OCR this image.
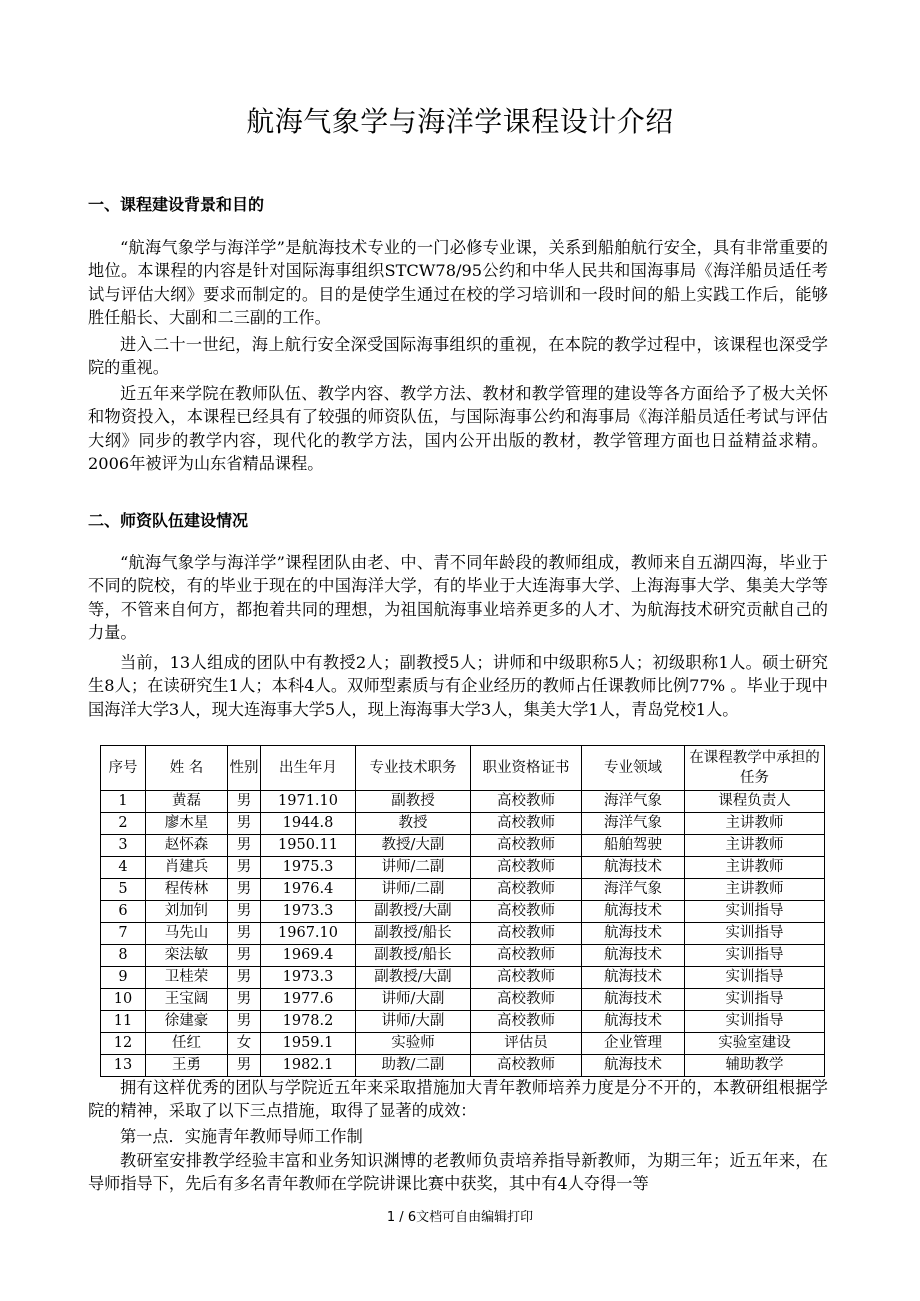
航海气象学与海洋学课程设计介绍
一、课程建设背景和目的

“航海气象学与海洋学”是航海技术专业的一门必修专业课，关系到船舶航行安全，具有非常重要的地位。本课程的内容是针对国际海事组织STCW78/95公约和中华人民共和国海事局《海洋船员适任考试与评估大纲》要求而制定的。目的是使学生通过在校的学习培训和一段时间的船上实践工作后，能够胜任船长、大副和二三副的工作。

进入二十一世纪，海上航行安全深受国际海事组织的重视，在本院的教学过程中，该课程也深受学院的重视。

近五年来学院在教师队伍、教学内容、教学方法、教材和教学管理的建设等各方面给予了极大关怀和物资投入，本课程已经具有了较强的师资队伍，与国际海事公约和海事局《海洋船员适任考试与评估大纲》同步的教学内容，现代化的教学方法，国内公开出版的教材，教学管理方面也日益精益求精。2006年被评为山东省精品课程。

二、师资队伍建设情况

“航海气象学与海洋学”课程团队由老、中、青不同年龄段的教师组成，教师来自五湖四海，毕业于不同的院校，有的毕业于现在的中国海洋大学，有的毕业于大连海事大学、上海海事大学、集美大学等等，不管来自何方，都抱着共同的理想，为祖国航海事业培养更多的人才、为航海技术研究贡献自己的力量。

当前，13人组成的团队中有教授2人；副教授5人；讲师和中级职称5人；初级职称1人。硕士研究生8人；在读研究生1人；本科4人。双师型素质与有企业经历的教师占任课教师比例77% 。毕业于现中国海洋大学3人，现大连海事大学5人，现上海海事大学3人，集美大学1人，青岛党校1人。

序号	姓 名	性别	出生年月	专业技术职务	职业资格证书	专业领域	在课程教学中承担的任务
1	黄磊	男	1971.10	副教授	高校教师	海洋气象	课程负责人
2	廖木星	男	1944.8	教授	高校教师	海洋气象	主讲教师
3	赵怀森	男	1950.11	教授/大副	高校教师	船舶驾驶	主讲教师
4	肖建兵	男	1975.3	讲师/二副	高校教师	航海技术	主讲教师
5	程传林	男	1976.4	讲师/二副	高校教师	海洋气象	主讲教师
6	刘加钊	男	1973.3	副教授/大副	高校教师	航海技术	实训指导
7	马先山	男	1967.10	副教授/船长	高校教师	航海技术	实训指导
8	栾法敏	男	1969.4	副教授/船长	高校教师	航海技术	实训指导
9	卫桂荣	男	1973.3	副教授/大副	高校教师	航海技术	实训指导
10	王宝阔	男	1977.6	讲师/大副	高校教师	航海技术	实训指导
11	徐建豪	男	1978.2	讲师/大副	高校教师	航海技术	实训指导
12	任红	女	1959.1	实验师	评估员	企业管理	实验室建设
13	王勇	男	1982.1	助教/二副	高校教师	航海技术	辅助教学

拥有这样优秀的团队与学院近五年来采取措施加大青年教师培养力度是分不开的，本教研组根据学院的精神，采取了以下三点措施，取得了显著的成效：

第一点．实施青年教师导师工作制

教研室安排教学经验丰富和业务知识渊博的老教师负责培养指导新教师，为期三年；近五年来，在导师指导下，先后有多名青年教师在学院讲课比赛中获奖，其中有4人夺得一等

1 / 6文档可自由编辑打印
